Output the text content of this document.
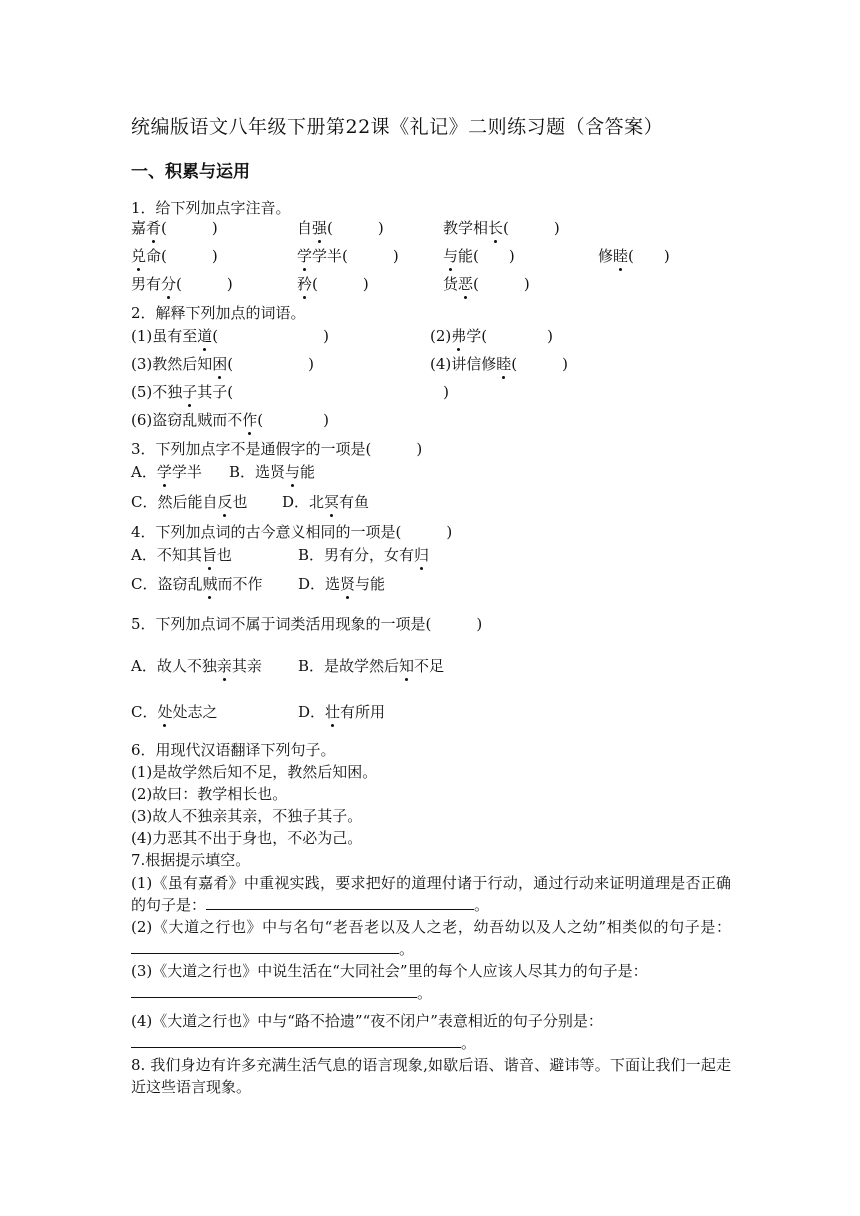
统编版语文八年级下册第22课《礼记》二则练习题（含答案）
一、积累与运用
1．给下列加点字注音。
嘉肴(　　　)	自强(　　　)	教学相长(　　　)
兑命(　　　)	学学半(　　　)	与能(　　)	修睦(　　)
男有分(　　　)	矜(　　　)	货恶(　　　)
2．解释下列加点的词语。
(1)虽有至道(　　　　　　　)	(2)弗学(　　　　)
(3)教然后知困(　　　　　)	(4)讲信修睦(　　　)
(5)不独子其子(　　　　　　　　　　　　　　)
(6)盗窃乱贼而不作(　　　　)
3．下列加点字不是通假字的一项是(　　　)
A．学学半 B．选贤与能
C．然后能自反也 D．北冥有鱼
4．下列加点词的古今意义相同的一项是(　　　)
A．不知其旨也	B．男有分，女有归
C．盗窃乱贼而不作 D．选贤与能
5．下列加点词不属于词类活用现象的一项是(　　　)
A．故人不独亲其亲 B．是故学然后知不足
C．处处志之	D．壮有所用
6．用现代汉语翻译下列句子。
(1)是故学然后知不足，教然后知困。
(2)故曰：教学相长也。
(3)故人不独亲其亲，不独子其子。
(4)力恶其不出于身也，不必为己。
7.根据提示填空。
(1)《虽有嘉肴》中重视实践，要求把好的道理付诸于行动，通过行动来证明道理是否正确的句子是：	。
(2)《大道之行也》中与名句“老吾老以及人之老，幼吾幼以及人之幼”相类似的句子是：。
(3)《大道之行也》中说生活在“大同社会”里的每个人应该人尽其力的句子是：
。
(4)《大道之行也》中与“路不拾遗”“夜不闭户”表意相近的句子分别是：
。
8. 我们身边有许多充满生活气息的语言现象,如歇后语、谐音、避讳等。下面让我们一起走近这些语言现象。
